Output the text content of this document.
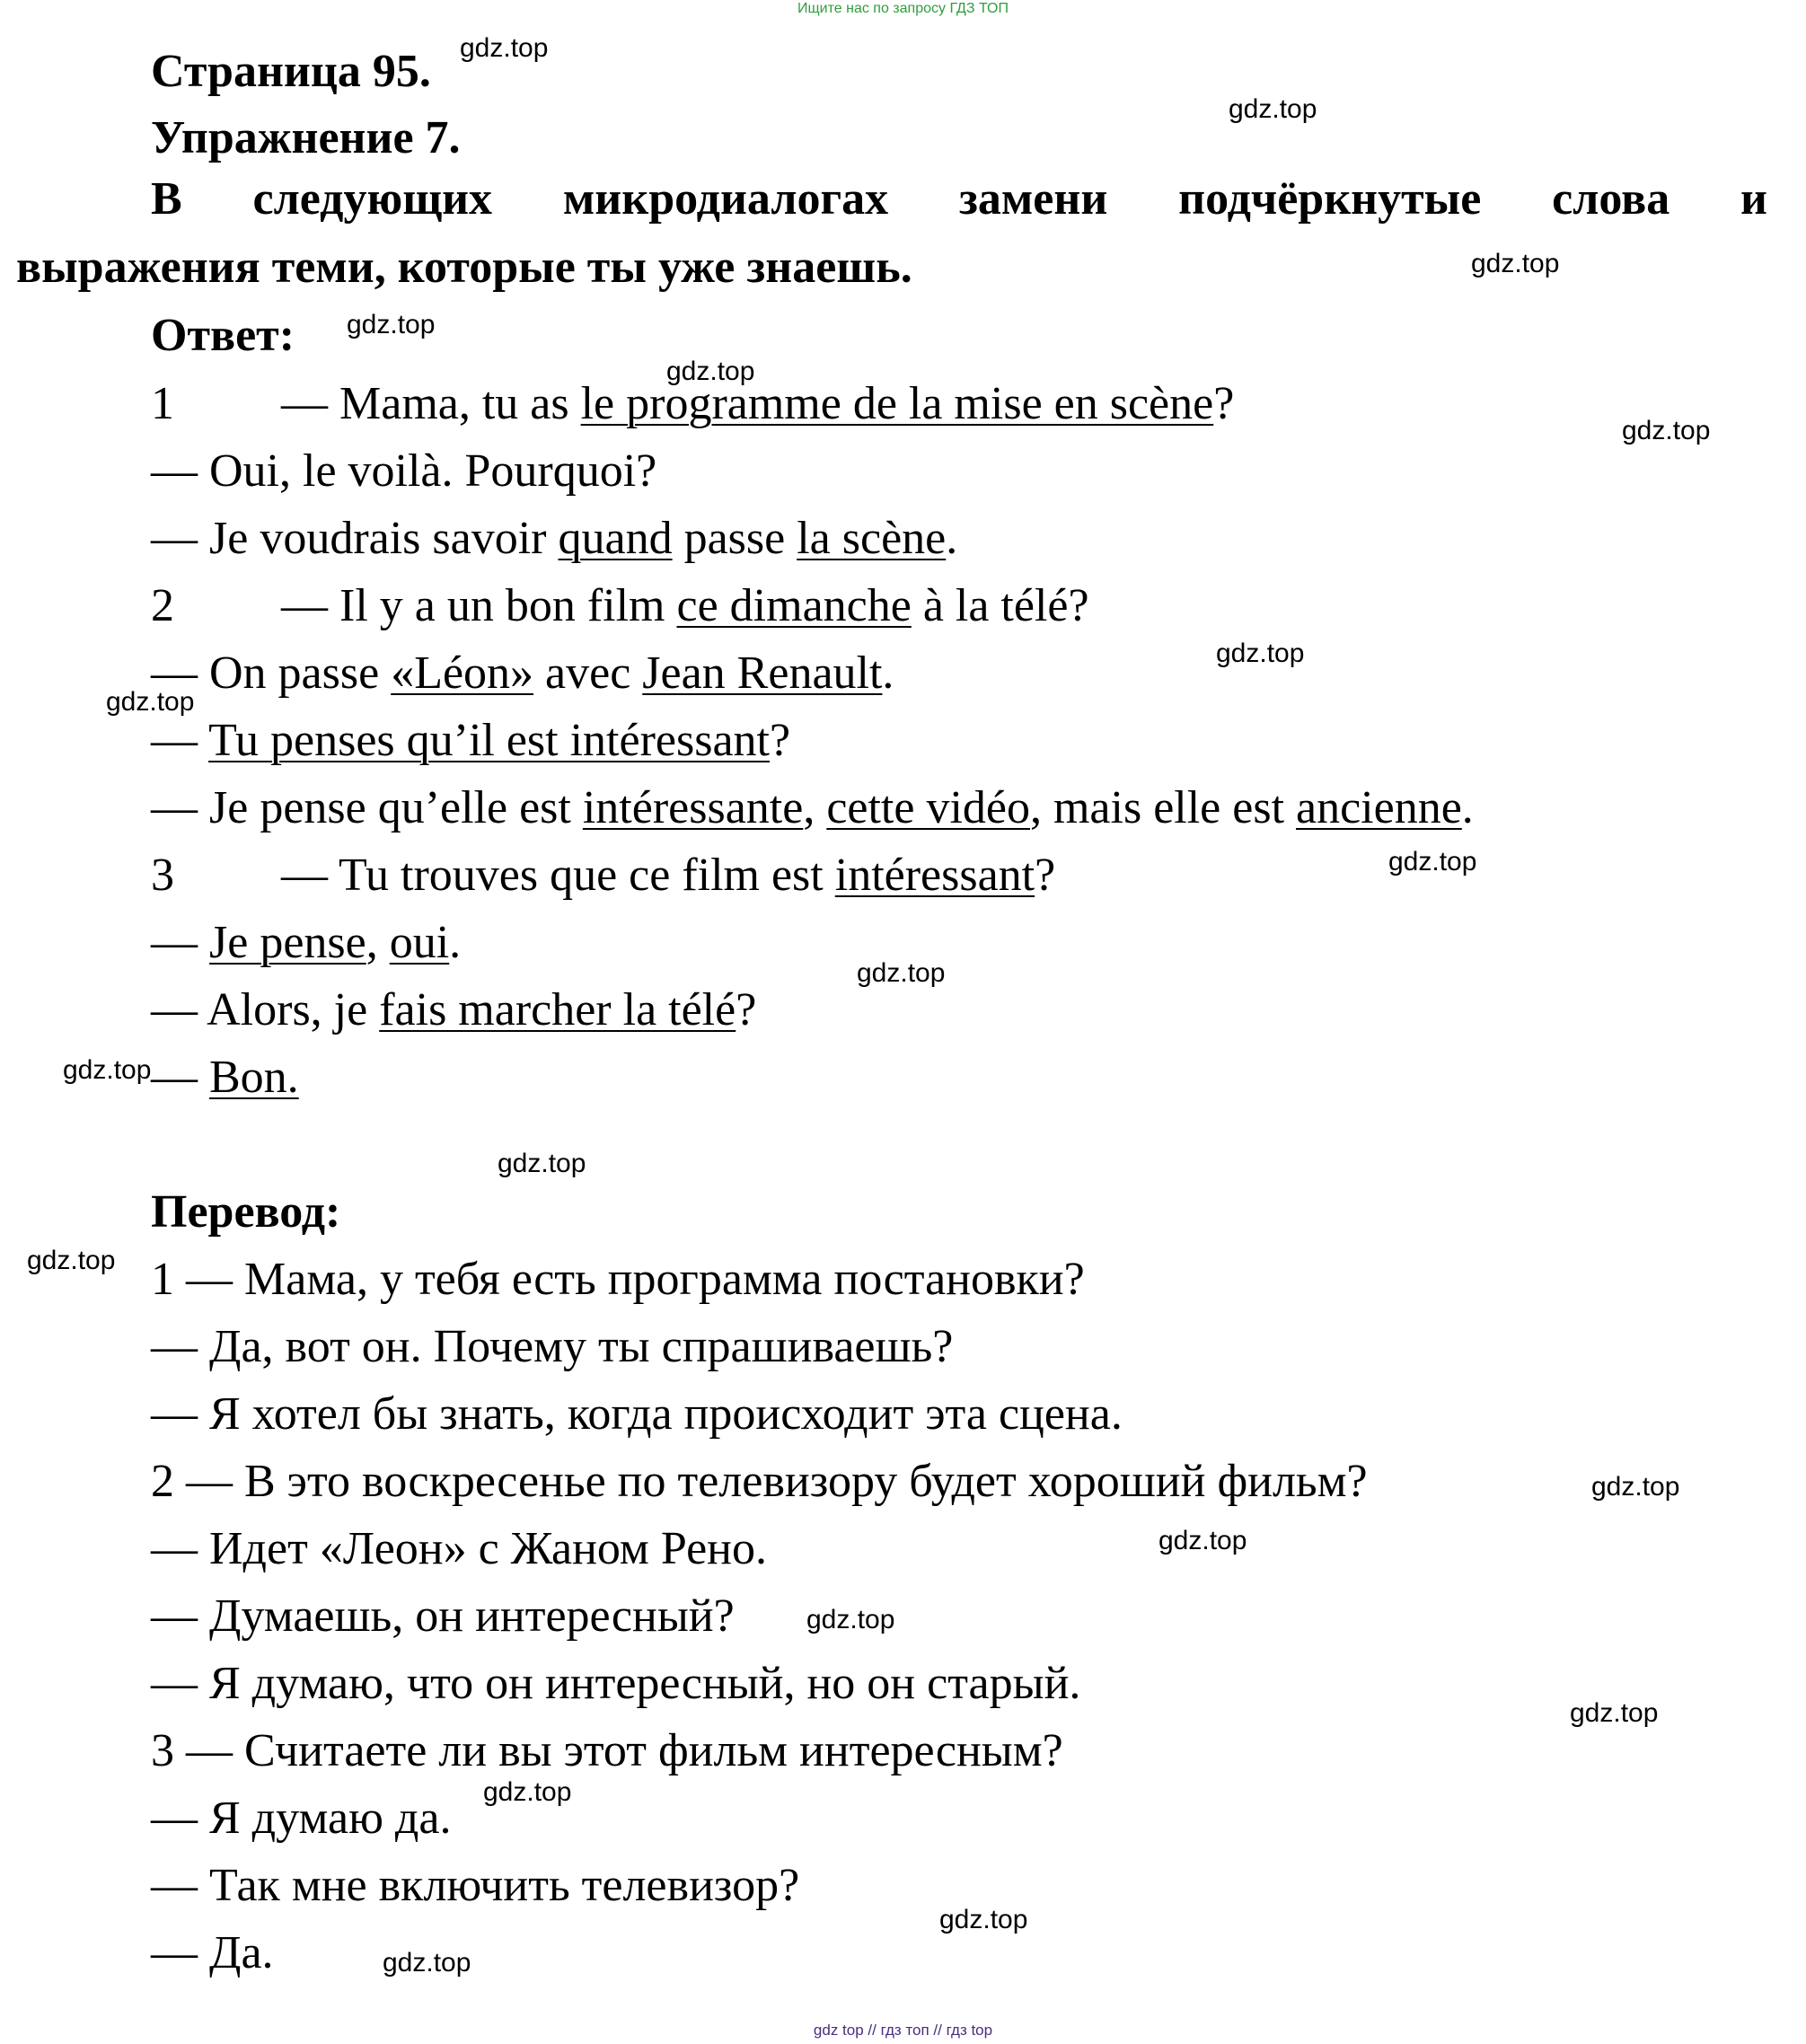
Ищите нас по запросу ГДЗ ТОП

Страница 95.

Упражнение 7.

В следующих микродиалогах замени подчёркнутые слова и

выражения теми, которые ты уже знаешь.

Ответ:

1 — Mama, tu as le programme de la mise en scène?

— Oui, le voilà. Pourquoi?

— Je voudrais savoir quand passe la scène.

2 — Il y a un bon film ce dimanche à la télé?

— On passe «Léon» avec Jean Renault.

— Tu penses qu’il est intéressant?

— Je pense qu’elle est intéressante, cette vidéo, mais elle est ancienne.

3 — Tu trouves que ce film est intéressant?

— Je pense, oui.

— Alors, je fais marcher la télé?

— Bon.

Перевод:

1 — Мама, у тебя есть программа постановки?

— Да, вот он. Почему ты спрашиваешь?

— Я хотел бы знать, когда происходит эта сцена.

2 — В это воскресенье по телевизору будет хороший фильм?

— Идет «Леон» с Жаном Рено.

— Думаешь, он интересный?

— Я думаю, что он интересный, но он старый.

3 — Считаете ли вы этот фильм интересным?

— Я думаю да.

— Так мне включить телевизор?

— Да.

gdz.top
gdz.top
gdz.top
gdz.top
gdz.top
gdz.top
gdz.top
gdz.top
gdz.top
gdz.top
gdz.top
gdz.top
gdz.top
gdz.top
gdz.top
gdz.top
gdz.top
gdz.top
gdz.top
gdz.top
gdz top // гдз топ // гдз top
